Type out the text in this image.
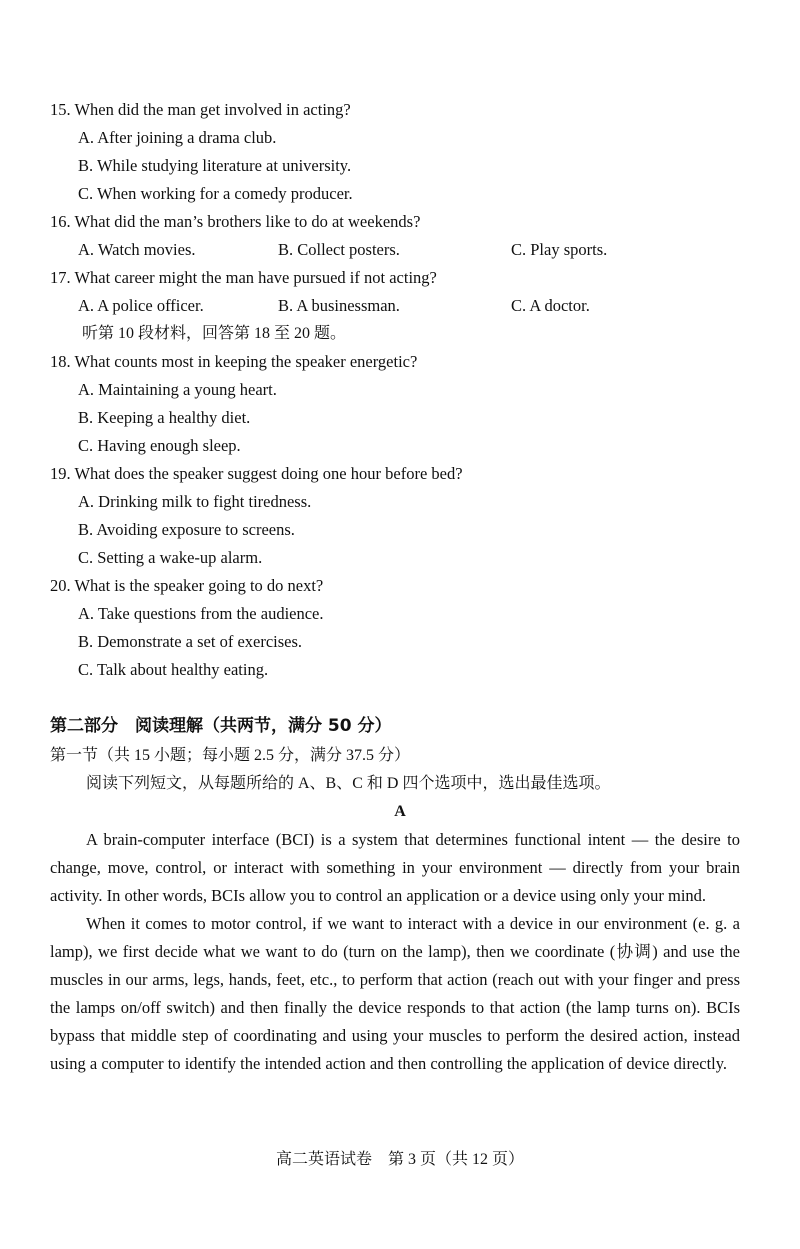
15. When did the man get involved in acting?
A. After joining a drama club.
B. While studying literature at university.
C. When working for a comedy producer.
16. What did the man’s brothers like to do at weekends?
A. Watch movies.	B. Collect posters.	C. Play sports.
17. What career might the man have pursued if not acting?
A. A police officer.	B. A businessman.	C. A doctor.
听第 10 段材料，回答第 18 至 20 题。
18. What counts most in keeping the speaker energetic?
A. Maintaining a young heart.
B. Keeping a healthy diet.
C. Having enough sleep.
19. What does the speaker suggest doing one hour before bed?
A. Drinking milk to fight tiredness.
B. Avoiding exposure to screens.
C. Setting a wake-up alarm.
20. What is the speaker going to do next?
A. Take questions from the audience.
B. Demonstrate a set of exercises.
C. Talk about healthy eating.
第二部分　阅读理解（共两节，满分 50 分）
第一节（共 15 小题；每小题 2.5 分，满分 37.5 分）
阅读下列短文，从每题所给的 A、B、C 和 D 四个选项中，选出最佳选项。
A

A brain-computer interface (BCI) is a system that determines functional intent — the desire to change, move, control, or interact with something in your environment — directly from your brain activity. In other words, BCIs allow you to control an application or a device using only your mind.

When it comes to motor control, if we want to interact with a device in our environment (e. g. a lamp), we first decide what we want to do (turn on the lamp), then we coordinate (协调) and use the muscles in our arms, legs, hands, feet, etc., to perform that action (reach out with your finger and press the lamps on/off switch) and then finally the device responds to that action (the lamp turns on). BCIs bypass that middle step of coordinating and using your muscles to perform the desired action, instead using a computer to identify the intended action and then controlling the application of device directly.

高二英语试卷　第 3 页（共 12 页）
